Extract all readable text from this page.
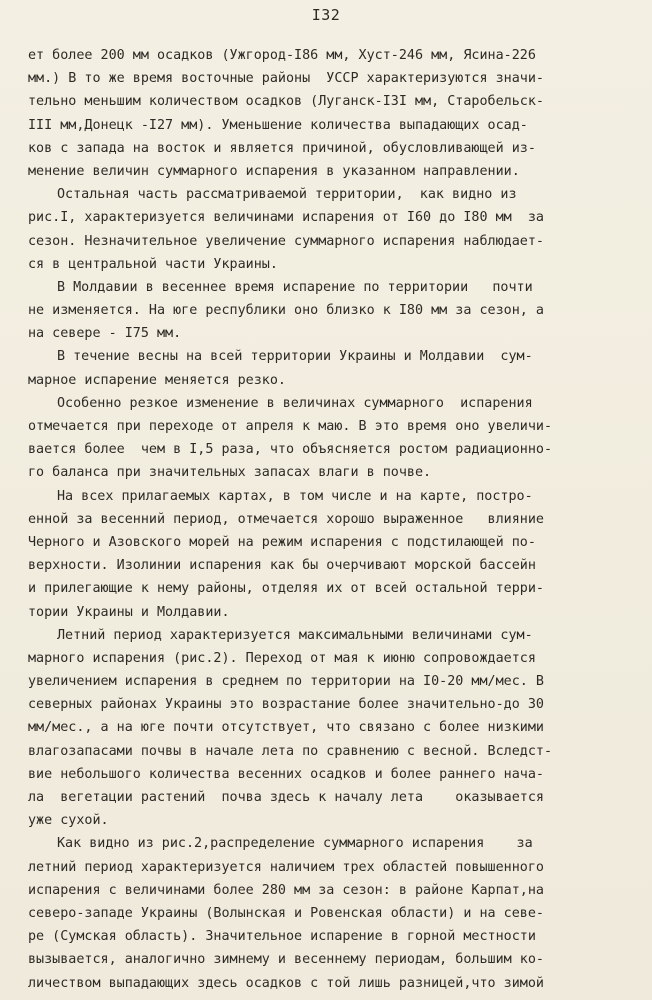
I32
ет более 200 мм осадков (Ужгород-I86 мм, Хуст-246 мм, Ясина-226
мм.) В то же время восточные районы  УССР характеризуются значи-
тельно меньшим количеством осадков (Луганск-I3I мм, Старобельск-
III мм,Донецк -I27 мм). Уменьшение количества выпадающих осад-
ков с запада на восток и является причиной, обусловливающей из-
менение величин суммарного испарения в указанном направлении.
Остальная часть рассматриваемой территории,  как видно из
рис.I, характеризуется величинами испарения от I60 до I80 мм  за
сезон. Незначительное увеличение суммарного испарения наблюдает-
ся в центральной части Украины.
В Молдавии в весеннее время испарение по территории   почти
не изменяется. На юге республики оно близко к I80 мм за сезон, а
на севере - I75 мм.
В течение весны на всей территории Украины и Молдавии  сум-
марное испарение меняется резко.
Особенно резкое изменение в величинах суммарного  испарения
отмечается при переходе от апреля к маю. В это время оно увеличи-
вается более  чем в I,5 раза, что объясняется ростом радиационно-
го баланса при значительных запасах влаги в почве.
На всех прилагаемых картах, в том числе и на карте, постро-
енной за весенний период, отмечается хорошо выраженное   влияние
Черного и Азовского морей на режим испарения с подстилающей по-
верхности. Изолинии испарения как бы очерчивают морской бассейн
и прилегающие к нему районы, отделяя их от всей остальной терри-
тории Украины и Молдавии.
Летний период характеризуется максимальными величинами сум-
марного испарения (рис.2). Переход от мая к июню сопровождается
увеличением испарения в среднем по территории на I0-20 мм/мес. В
северных районах Украины это возрастание более значительно-до 30
мм/мес., а на юге почти отсутствует, что связано с более низкими
влагозапасами почвы в начале лета по сравнению с весной. Вследст-
вие небольшого количества весенних осадков и более раннего нача-
ла  вегетации растений  почва здесь к началу лета    оказывается
уже сухой.
Как видно из рис.2,распределение суммарного испарения    за
летний период характеризуется наличием трех областей повышенного
испарения с величинами более 280 мм за сезон: в районе Карпат,на
северо-западе Украины (Волынская и Ровенская области) и на севе-
ре (Сумская область). Значительное испарение в горной местности
вызывается, аналогично зимнему и весеннему периодам, большим ко-
личеством выпадающих здесь осадков с той лишь разницей,что зимой
